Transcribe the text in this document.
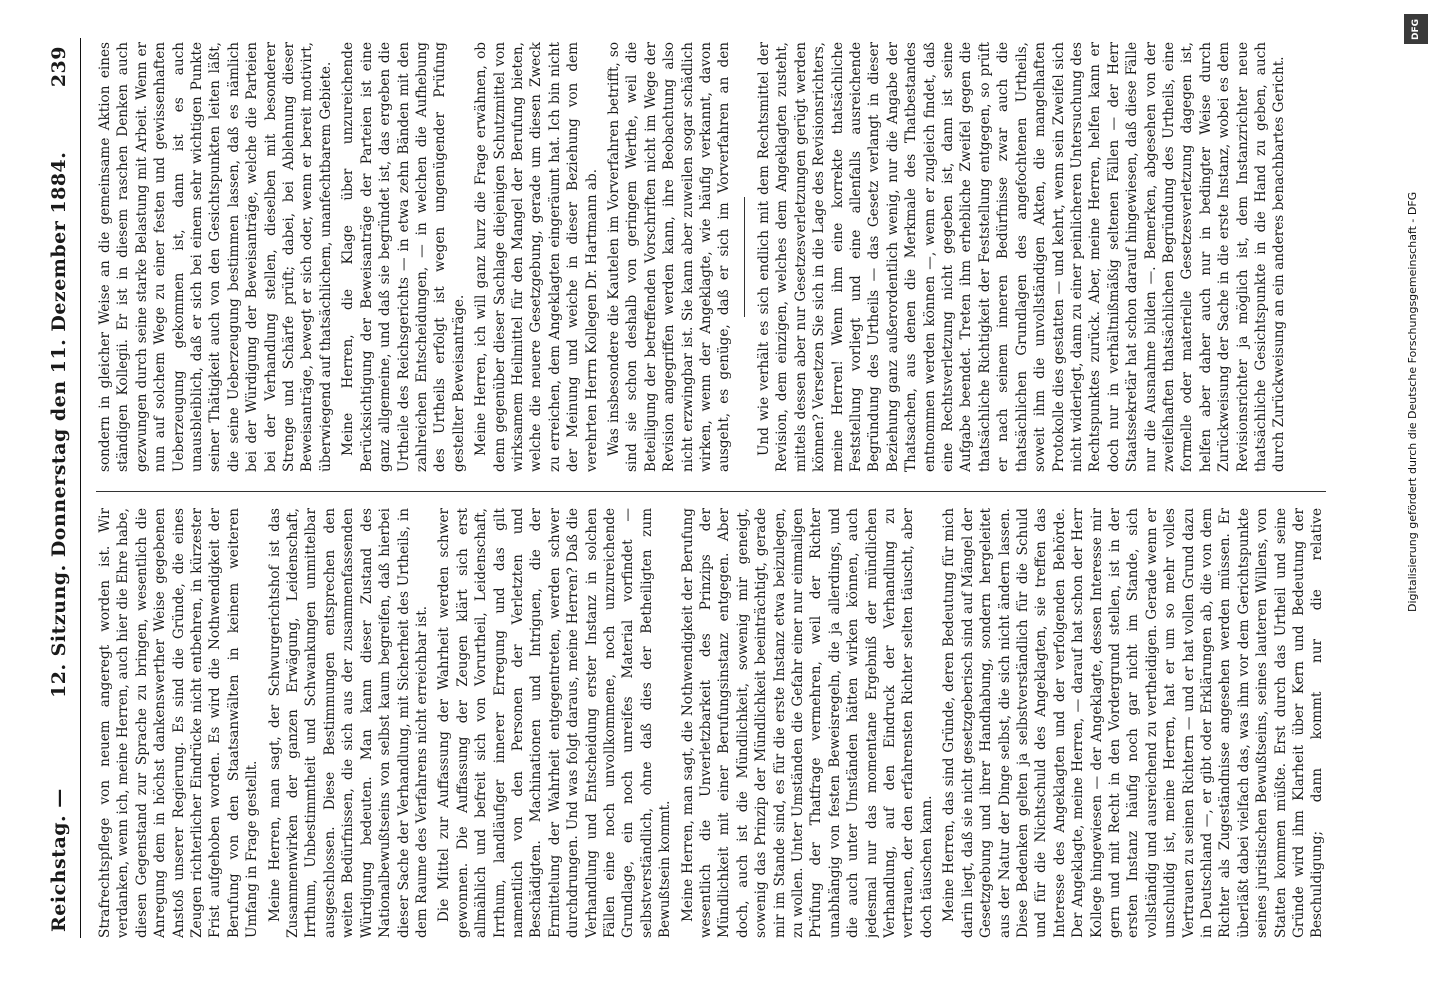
Reichstag. —
12. Sitzung. Donnerstag den 11. Dezember 1884.
239

Strafrechtspflege von neuem angeregt worden ist. Wir verdanken, wenn ich, meine Herren, auch hier die Ehre habe, diesen Gegenstand zur Sprache zu bringen, wesentlich die Anregung dem in höchst dankenswerther Weise gegebenen Anstoß unserer Regierung. Es sind die Gründe, die eines Zeugen richterlicher Eindrücke nicht entbehren, in kürzester Frist aufgehoben worden. Es wird die Nothwendigkeit der Berufung von den Staatsanwälten in keinem weiteren Umfang in Frage gestellt. Meine Herren, man sagt, der Schwurgerichtshof ist das Zusammenwirken der ganzen Erwägung, Leidenschaft, Irrthum, Unbestimmtheit und Schwankungen unmittelbar ausgeschlossen. Diese Bestimmungen entsprechen den weiten Bedürfnissen, die sich aus der zusammenfassenden Würdigung bedeuten. Man kann dieser Zustand des Nationalbewußtseins von selbst kaum begreifen, daß hierbei dieser Sache der Verhandlung, mit Sicherheit des Urtheils, in dem Raume des Verfahrens nicht erreichbar ist. Die Mittel zur Auffassung der Wahrheit werden schwer gewonnen. Die Auffassung der Zeugen klärt sich erst allmählich und befreit sich von Vorurtheil, Leidenschaft, Irrthum, landläufiger innerer Erregung und das gilt namentlich von den Personen der Verletzten und Beschädigten. Machinationen und Intriguen, die der Ermittelung der Wahrheit entgegentreten, werden schwer durchdrungen. Und was folgt daraus, meine Herren? Daß die Verhandlung und Entscheidung erster Instanz in solchen Fällen eine noch unvollkommene, noch unzureichende Grundlage, ein noch unreifes Material vorfindet — selbstverständlich, ohne daß dies der Betheiligten zum Bewußtsein kommt. Meine Herren, man sagt, die Nothwendigkeit der Berufung wesentlich die Unverletzbarkeit des Prinzips der Mündlichkeit mit einer Berufungsinstanz entgegen. Aber doch, auch ist die Mündlichkeit, sowenig mir geneigt, sowenig das Prinzip der Mündlichkeit beeinträchtigt, gerade mir im Stande sind, es für die erste Instanz etwa beizulegen, zu wollen. Unter Umständen die Gefahr einer nur einmaligen Prüfung der Thatfrage vermehren, weil der Richter unabhängig von festen Beweisregeln, die ja allerdings, und die auch unter Umständen hätten wirken können, auch jedesmal nur das momentane Ergebniß der mündlichen Verhandlung, auf den Eindruck der Verhandlung zu vertrauen, der den erfahrensten Richter selten täuscht, aber doch täuschen kann. Meine Herren, das sind Gründe, deren Bedeutung für mich darin liegt, daß sie nicht gesetzgeberisch sind auf Mängel der Gesetzgebung und ihrer Handhabung, sondern hergeleitet aus der Natur der Dinge selbst, die sich nicht ändern lassen. Diese Bedenken gelten ja selbstverständlich für die Schuld und für die Nichtschuld des Angeklagten, sie treffen das Interesse des Angeklagten und der verfolgenden Behörde. Der Angeklagte, meine Herren, — darauf hat schon der Herr Kollege hingewiesen — der Angeklagte, dessen Interesse mir gern und mit Recht in den Vordergrund stellen, ist in der ersten Instanz häufig noch gar nicht im Stande, sich vollständig und ausreichend zu vertheidigen. Gerade wenn er unschuldig ist, meine Herren, hat er um so mehr volles Vertrauen zu seinen Richtern — und er hat vollen Grund dazu in Deutschland —, er gibt oder Erklärungen ab, die von dem Richter als Zugeständnisse angesehen werden müssen. Er überläßt dabei vielfach das, was ihm vor dem Gerichtspunkte seines juristischen Bewußtseins, seines lauteren Willens, von Statten kommen müßte. Erst durch das Urtheil und seine Gründe wird ihm Klarheit über Kern und Bedeutung der Beschuldigung; dann kommt nur die relative

sondern in gleicher Weise an die gemeinsame Aktion eines ständigen Kollegii. Er ist in diesem raschen Denken auch gezwungen durch seine starke Belastung mit Arbeit. Wenn er nun auf solchem Wege zu einer festen und gewissenhaften Ueberzeugung gekommen ist, dann ist es auch unausbleiblich, daß er sich bei einem sehr wichtigen Punkte seiner Thätigkeit auch von den Gesichtspunkten leiten läßt, die seine Ueberzeugung bestimmen lassen, daß es nämlich bei der Würdigung der Beweisanträge, welche die Parteien bei der Verhandlung stellen, dieselben mit besonderer Strenge und Schärfe prüft; dabei, bei Ablehnung dieser Beweisanträge, bewegt er sich oder, wenn er bereit motivirt, überwiegend auf thatsächlichem, unanfechtbarem Gebiete. Meine Herren, die Klage über unzureichende Berücksichtigung der Beweisanträge der Parteien ist eine ganz allgemeine, und daß sie begründet ist, das ergeben die Urtheile des Reichsgerichts — in etwa zehn Bänden mit den zahlreichen Entscheidungen, — in welchen die Aufhebung des Urtheils erfolgt ist wegen ungenügender Prüfung gestellter Beweisanträge. Meine Herren, ich will ganz kurz die Frage erwähnen, ob denn gegenüber dieser Sachlage diejenigen Schutzmittel von wirksamem Heilmittel für den Mangel der Berufung bieten, welche die neuere Gesetzgebung, gerade um diesen Zweck zu erreichen, dem Angeklagten eingeräumt hat. Ich bin nicht der Meinung und weiche in dieser Beziehung von dem verehrten Herrn Kollegen Dr. Hartmann ab. Was insbesondere die Kautelen im Vorverfahren betrifft, so sind sie schon deshalb von geringem Werthe, weil die Beteiligung der betreffenden Vorschriften nicht im Wege der Revision angegriffen werden kann, ihre Beobachtung also nicht erzwingbar ist. Sie kann aber zuweilen sogar schädlich wirken, wenn der Angeklagte, wie häufig verkannt, davon ausgeht, es genüge, daß er sich im Vorverfahren an den	Und wie verhält es sich endlich mit dem Rechtsmittel der Revision, dem einzigen, welches dem Angeklagten zusteht, mittels dessen aber nur Gesetzesverletzungen gerügt werden können? Versetzen Sie sich in die Lage des Revisionsrichters, meine Herren! Wenn ihm eine korrekte thatsächliche Feststellung vorliegt und eine allenfalls ausreichende Begründung des Urtheils — das Gesetz verlangt in dieser Beziehung ganz außerordentlich wenig, nur die Angabe der Thatsachen, aus denen die Merkmale des Thatbestandes entnommen werden können —, wenn er zugleich findet, daß eine Rechtsverletzung nicht gegeben ist, dann ist seine Aufgabe beendet. Treten ihm erhebliche Zweifel gegen die thatsächliche Richtigkeit der Feststellung entgegen, so prüft er nach seinem inneren Bedürfnisse zwar auch die thatsächlichen Grundlagen des angefochtenen Urtheils, soweit ihm die unvollständigen Akten, die mangelhaften Protokolle dies gestatten — und kehrt, wenn sein Zweifel sich nicht widerlegt, dann zu einer peinlicheren Untersuchung des Rechtspunktes zurück. Aber, meine Herren, helfen kann er doch nur in verhältnißmäßig seltenen Fällen — der Herr Staatssekretär hat schon darauf hingewiesen, daß diese Fälle nur die Ausnahme bilden —. Bemerken, abgesehen von der zweifelhaften thatsächlichen Begründung des Urtheils, eine formelle oder materielle Gesetzesverletzung dagegen ist, helfen aber daher auch nur in bedingter Weise durch Zurückweisung der Sache in die erste Instanz, wobei es dem Revisionsrichter ja möglich ist, dem Instanzrichter neue thatsächliche Gesichtspunkte in die Hand zu geben, auch durch Zurückweisung an ein anderes benachbartes Gericht.

DFG
Digitalisierung gefördert durch die Deutsche Forschungsgemeinschaft - DFG
